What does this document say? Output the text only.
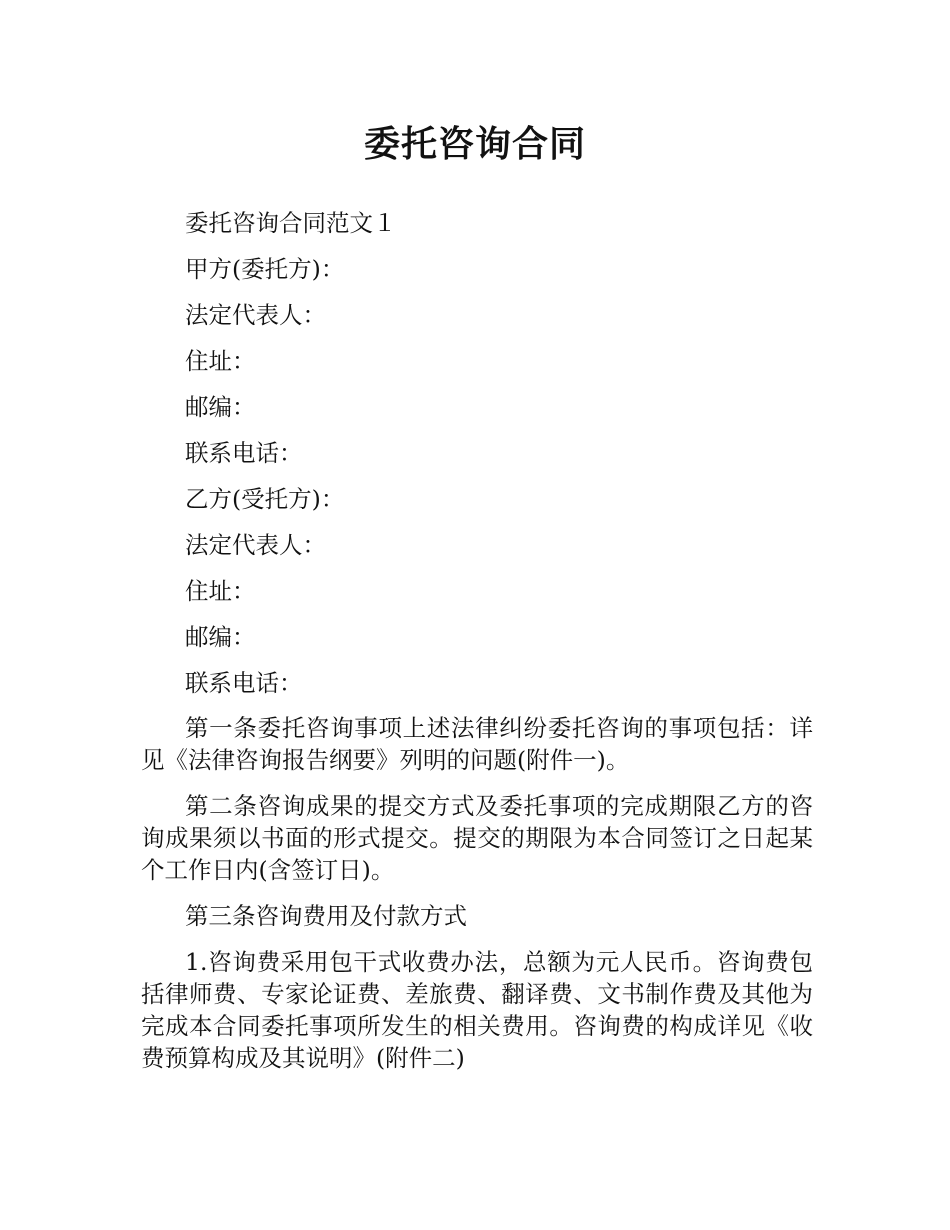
委托咨询合同

委托咨询合同范文１

甲方(委托方)：

法定代表人：

住址：

邮编：

联系电话：

乙方(受托方)：

法定代表人：

住址：

邮编：

联系电话：

第一条委托咨询事项上述法律纠纷委托咨询的事项包括：详见《法律咨询报告纲要》列明的问题(附件一)。

第二条咨询成果的提交方式及委托事项的完成期限乙方的咨询成果须以书面的形式提交。提交的期限为本合同签订之日起某个工作日内(含签订日)。

第三条咨询费用及付款方式

1.咨询费采用包干式收费办法，总额为元人民币。咨询费包括律师费、专家论证费、差旅费、翻译费、文书制作费及其他为完成本合同委托事项所发生的相关费用。咨询费的构成详见《收费预算构成及其说明》(附件二)
